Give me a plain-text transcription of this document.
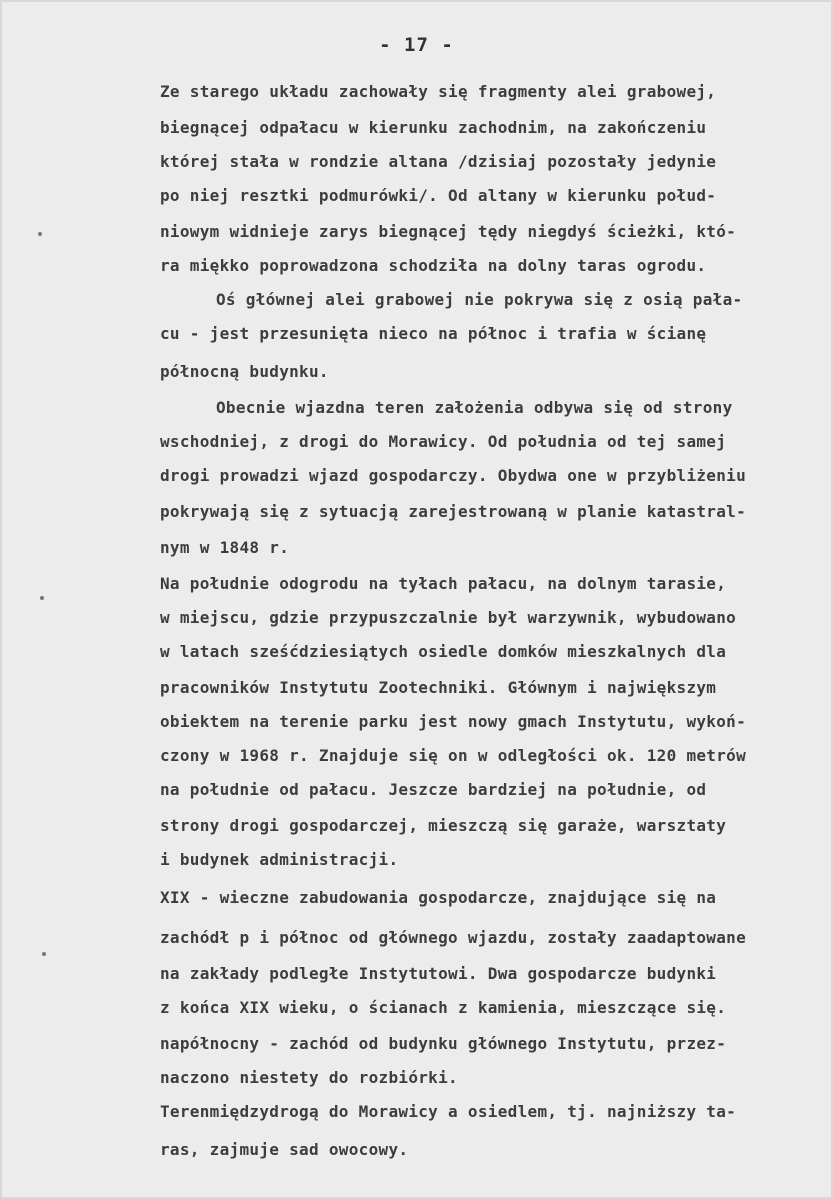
- 17 -
Ze starego układu zachowały się fragmenty alei grabowej,
biegnącej odpałacu w kierunku zachodnim, na zakończeniu
której stała w rondzie altana /dzisiaj pozostały jedynie
po niej resztki podmurówki/. Od altany w kierunku połud-
niowym widnieje zarys biegnącej tędy niegdyś ścieżki, któ-
ra miękko poprowadzona schodziła na dolny taras ogrodu.
Oś głównej alei grabowej nie pokrywa się z osią pała-
cu - jest przesunięta nieco na północ i trafia w ścianę
północną budynku.
Obecnie wjazdna teren założenia odbywa się od strony
wschodniej, z drogi do Morawicy. Od południa od tej samej
drogi prowadzi wjazd gospodarczy. Obydwa one w przybliżeniu
pokrywają się z sytuacją zarejestrowaną w planie katastral-
nym w 1848 r.
Na południe odogrodu na tyłach pałacu, na dolnym tarasie,
w miejscu, gdzie przypuszczalnie był warzywnik, wybudowano
w latach sześćdziesiątych osiedle domków mieszkalnych dla
pracowników Instytutu Zootechniki. Głównym i największym
obiektem na terenie parku jest nowy gmach Instytutu, wykoń-
czony w 1968 r. Znajduje się on w odległości ok. 120 metrów
na południe od pałacu. Jeszcze bardziej na południe, od
strony drogi gospodarczej, mieszczą się garaże, warsztaty
i budynek administracji.
XIX - wieczne zabudowania gospodarcze, znajdujące się na
zachódł p i północ od głównego wjazdu, zostały zaadaptowane
na zakłady podległe Instytutowi. Dwa gospodarcze budynki
z końca XIX wieku, o ścianach z kamienia, mieszczące się.
napółnocny - zachód od budynku głównego Instytutu, przez-
naczono niestety do rozbiórki.
Terenmiędzydrogą do Morawicy a osiedlem, tj. najniższy ta-
ras, zajmuje sad owocowy.
